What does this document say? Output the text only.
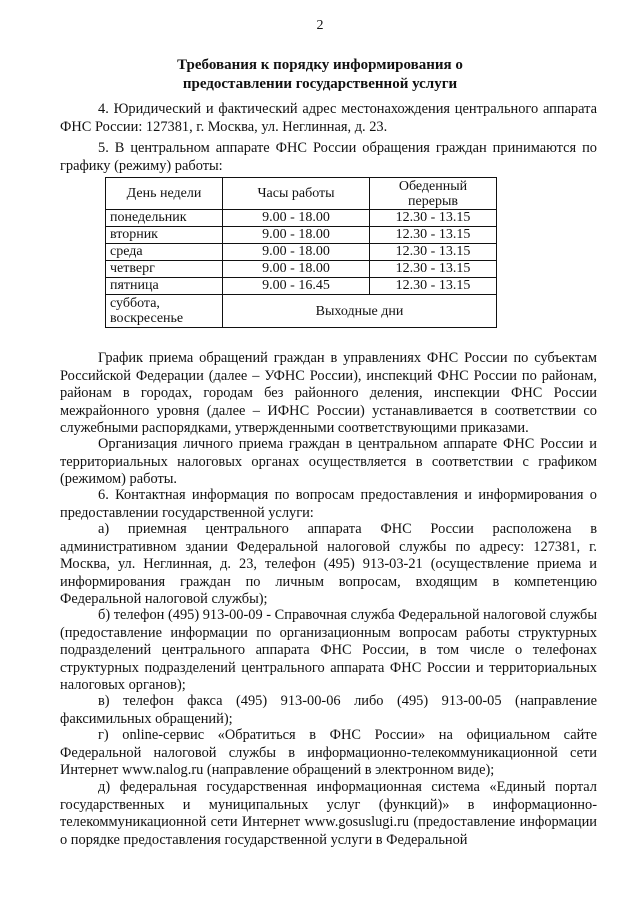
2
Требования к порядку информирования о
предоставлении государственной услуги

4. Юридический и фактический адрес местонахождения центрального аппарата ФНС России: 127381, г. Москва, ул. Неглинная, д. 23.

5. В центральном аппарате ФНС России обращения граждан принимаются по графику (режиму) работы:

День недели	Часы работы	Обеденный перерыв
понедельник	9.00 - 18.00	12.30 - 13.15
вторник	9.00 - 18.00	12.30 - 13.15
среда	9.00 - 18.00	12.30 - 13.15
четверг	9.00 - 18.00	12.30 - 13.15
пятница	9.00 - 16.45	12.30 - 13.15
суббота, воскресенье	Выходные дни	

График приема обращений граждан в управлениях ФНС России по субъектам Российской Федерации (далее – УФНС России), инспекций ФНС России по районам, районам в городах, городам без районного деления, инспекции ФНС России межрайонного уровня (далее – ИФНС России) устанавливается в соответствии со служебными распорядками, утвержденными соответствующими приказами.

Организация личного приема граждан в центральном аппарате ФНС России и территориальных налоговых органах осуществляется в соответствии с графиком (режимом) работы.

6. Контактная информация по вопросам предоставления и информирования о предоставлении государственной услуги:

а) приемная центрального аппарата ФНС России расположена в административном здании Федеральной налоговой службы по адресу: 127381, г. Москва, ул. Неглинная, д. 23, телефон (495) 913-03-21 (осуществление приема и информирования граждан по личным вопросам, входящим в компетенцию Федеральной налоговой службы);

б) телефон (495) 913-00-09 - Справочная служба Федеральной налоговой службы (предоставление информации по организационным вопросам работы структурных подразделений центрального аппарата ФНС России, в том числе о телефонах структурных подразделений центрального аппарата ФНС России и территориальных налоговых органов);

в) телефон факса (495) 913-00-06 либо (495) 913-00-05 (направление факсимильных обращений);

г) online-сервис «Обратиться в ФНС России» на официальном сайте Федеральной налоговой службы в информационно-телекоммуникационной сети Интернет www.nalog.ru (направление обращений в электронном виде);

д) федеральная государственная информационная система «Единый портал государственных и муниципальных услуг (функций)» в информационно-телекоммуникационной сети Интернет www.gosuslugi.ru (предоставление информации о порядке предоставления государственной услуги в Федеральной
